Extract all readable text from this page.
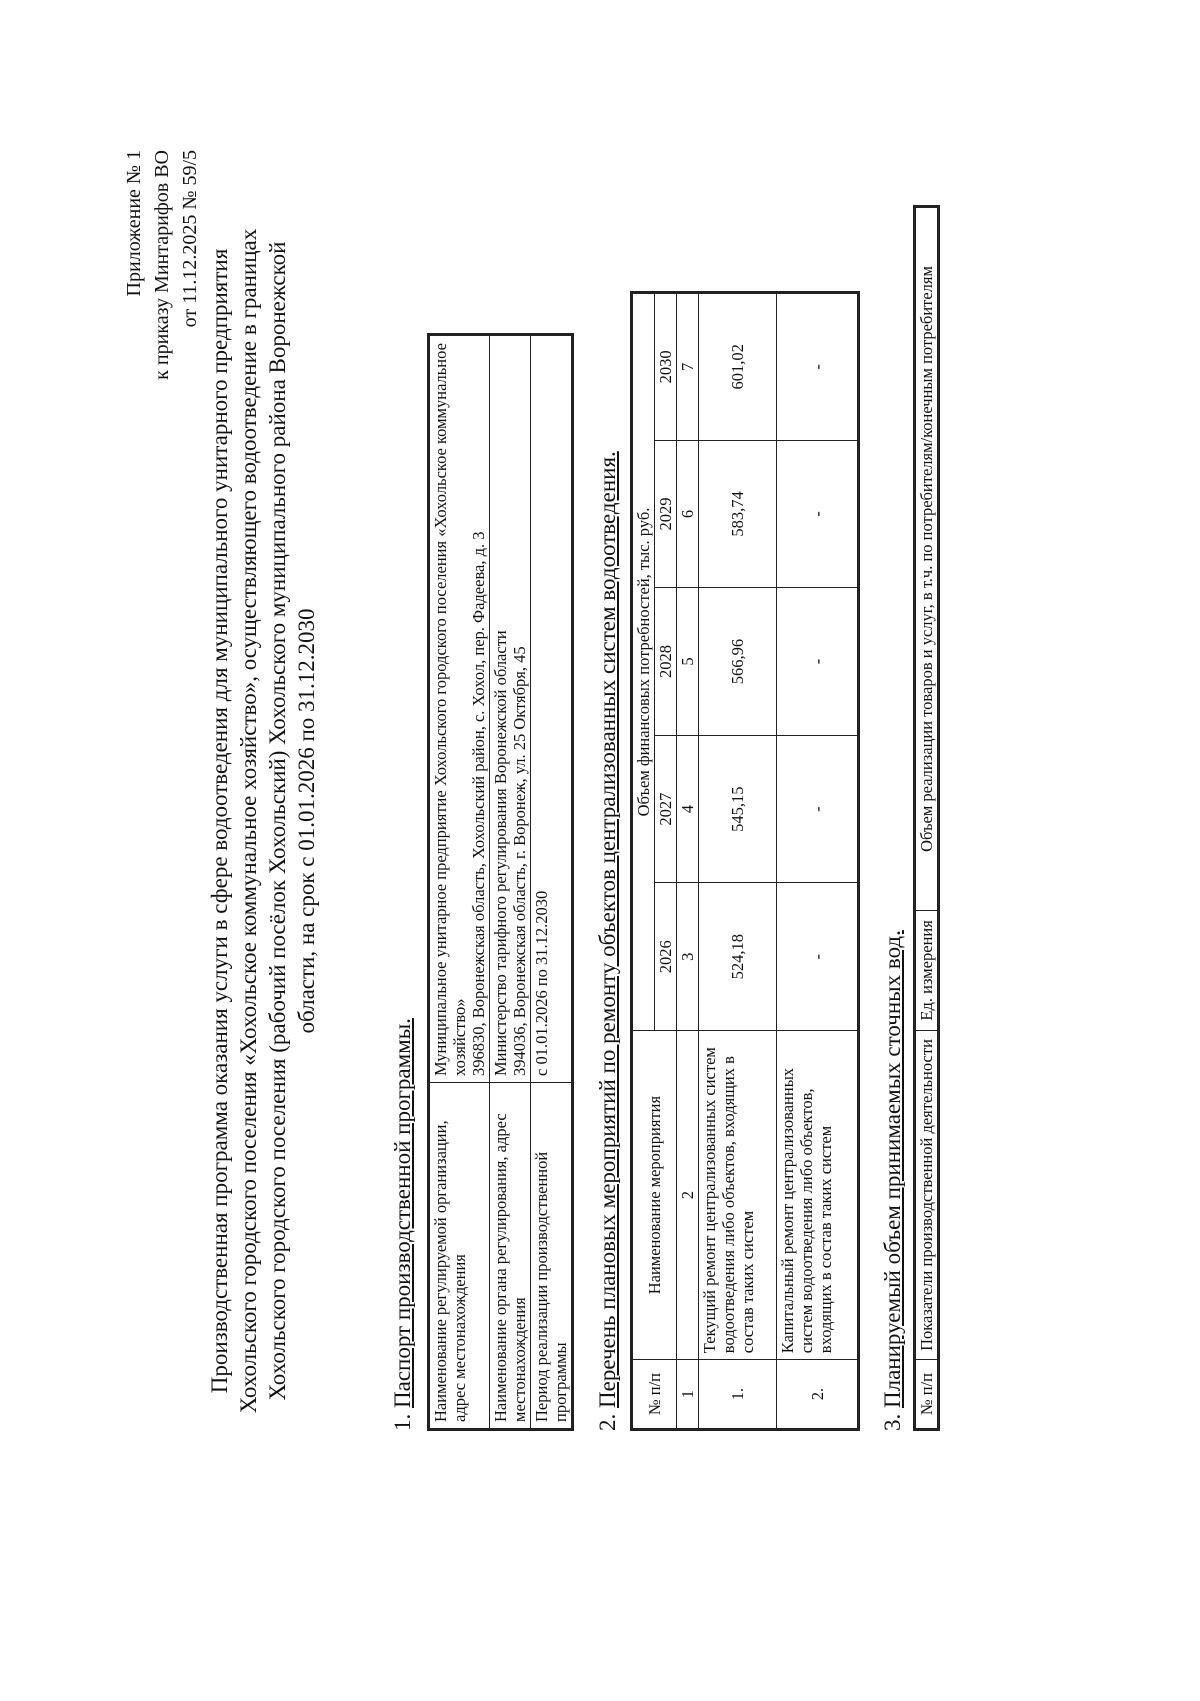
Приложение № 1 к приказу Минтарифов ВО от 11.12.2025 № 59/5
Производственная программа оказания услуги в сфере водоотведения для муниципального унитарного предприятия Хохольского городского поселения «Хохольское коммунальное хозяйство», осуществляющего водоотведение в границах Хохольского городского поселения (рабочий посёлок Хохольский) Хохольского муниципального района Воронежской области, на срок с 01.01.2026 по 31.12.2030
1. Паспорт производственной программы. Наименование регулируемой организации, адрес местонахождения	Муниципальное унитарное предприятие Хохольского городского поселения «Хохольское коммунальное хозяйство» 396830, Воронежская область, Хохольский район, с. Хохол, пер. Фадеева, д. 3

Наименование органа регулирования, адрес местонахождения	Министерство тарифного регулирования Воронежской области 394036, Воронежская область, г. Воронеж, ул. 25 Октября, 45

Период реализации производственной программы	с 01.01.2026 по 31.12.2030
2. Перечень плановых мероприятий по ремонту объектов централизованных систем водоотведения. № п/п	Наименование мероприятия	Объем финансовых потребностей, тыс. руб.				
		2026	2027	2028	2029	2030
1	2	3	4	5	6	7
1.	Текущий ремонт централизованных систем водоотведения либо объектов, входящих в состав таких систем	524,18	545,15	566,96	583,74	601,02
2.	Капитальный ремонт централизованных систем водоотведения либо объектов, входящих в состав таких систем	-	-	-	-	-
3. Планируемый объем принимаемых сточных вод. № п/п	Показатели производственной деятельности	Ед. измерения	Объем реализации товаров и услуг, в т.ч. по потребителям/конечным потребителям
